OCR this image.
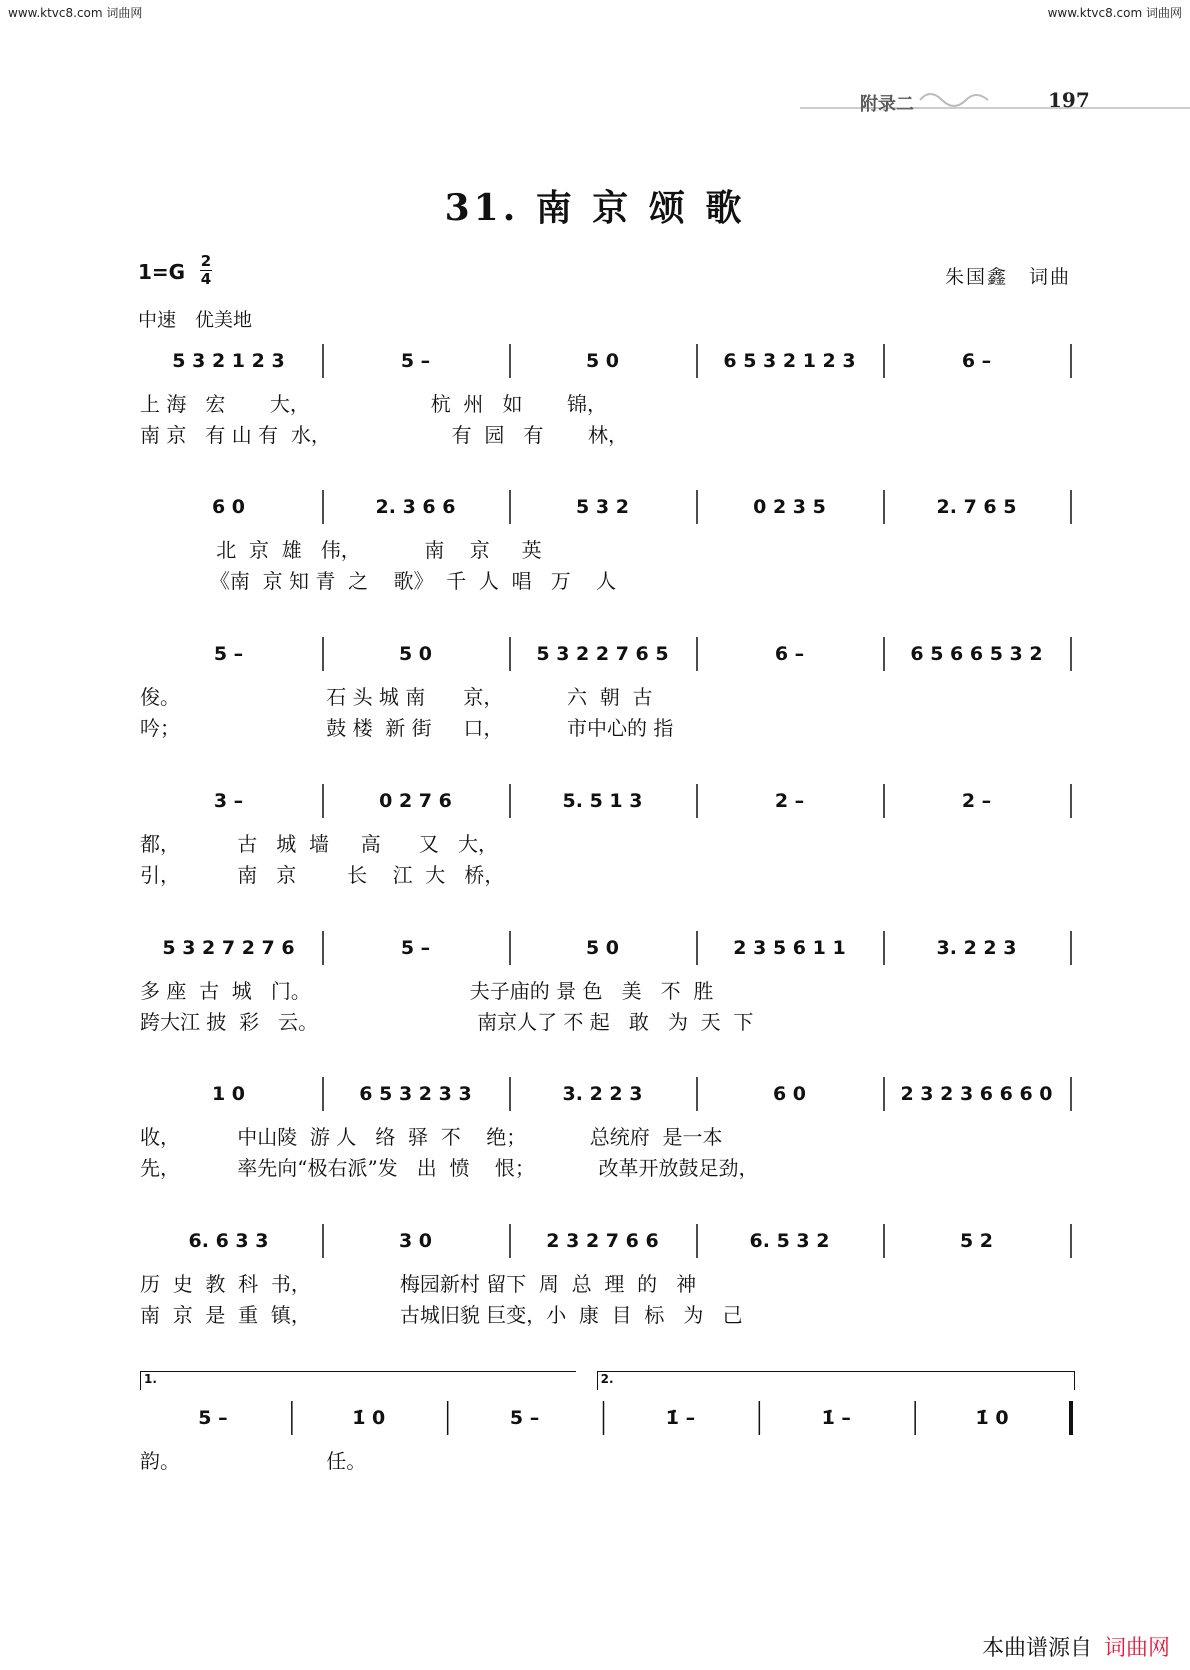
www.ktvc8.com 词曲网	www.ktvc8.com 词曲网
附录二	197
31. 南 京 颂 歌
1=G 2
4
中速　优美地
朱国鑫　词曲
5 3 2 1 2 3	5 –	5 0	6 5 3 2 1 2 3	6 –
上 海   宏       大，                   杭  州   如       锦，
南 京   有 山 有  水，                   有  园   有       林，
6 0	2. 3 6 6	5 3 2	0 2 3 5	2. 7 6 5
北  京  雄   伟，          南    京     英
《南  京 知 青  之    歌》  千  人  唱   万    人
5 –	5 0	5 3 2 2 7 6 5	6 –	6 5 6 6 5 3 2
俊。                       石 头 城 南      京，          六  朝  古
吟；                       鼓 楼  新 街     口，          市中心的 指
3 –	0 2 7 6	5. 5 1 3	2 –	2 –
都，         古   城  墙     高      又   大，
引，         南   京        长    江  大   桥，
5 3 2 7 2 7 6	5 –	5 0	2 3 5 6 1 1	3. 2 2 3
多 座  古  城   门。                         夫子庙的 景 色   美   不  胜
跨大江 披  彩   云。                         南京人了 不 起   敢   为  天  下
1 0	6 5 3 2 3 3	3. 2 2 3	6 0	2 3 2 3 6 6 6 0
收，         中山陵  游 人   络  驿  不    绝；          总统府  是一本
先，         率先向“极右派”发   出  愤    恨；          改革开放鼓足劲，
6. 6 3 3	3 0	2 3 2 7 6 6	6. 5 3 2	5 2
历  史  教  科  书，              梅园新村 留下  周  总  理  的   神
南  京  是  重  镇，              古城旧貌 巨变，小  康  目  标   为   己
5 –	1̇ 0	5 –	1̇ –	1̇ –	1̇ 0
1.	2.
韵。                       任。
本曲谱源自 词曲网
